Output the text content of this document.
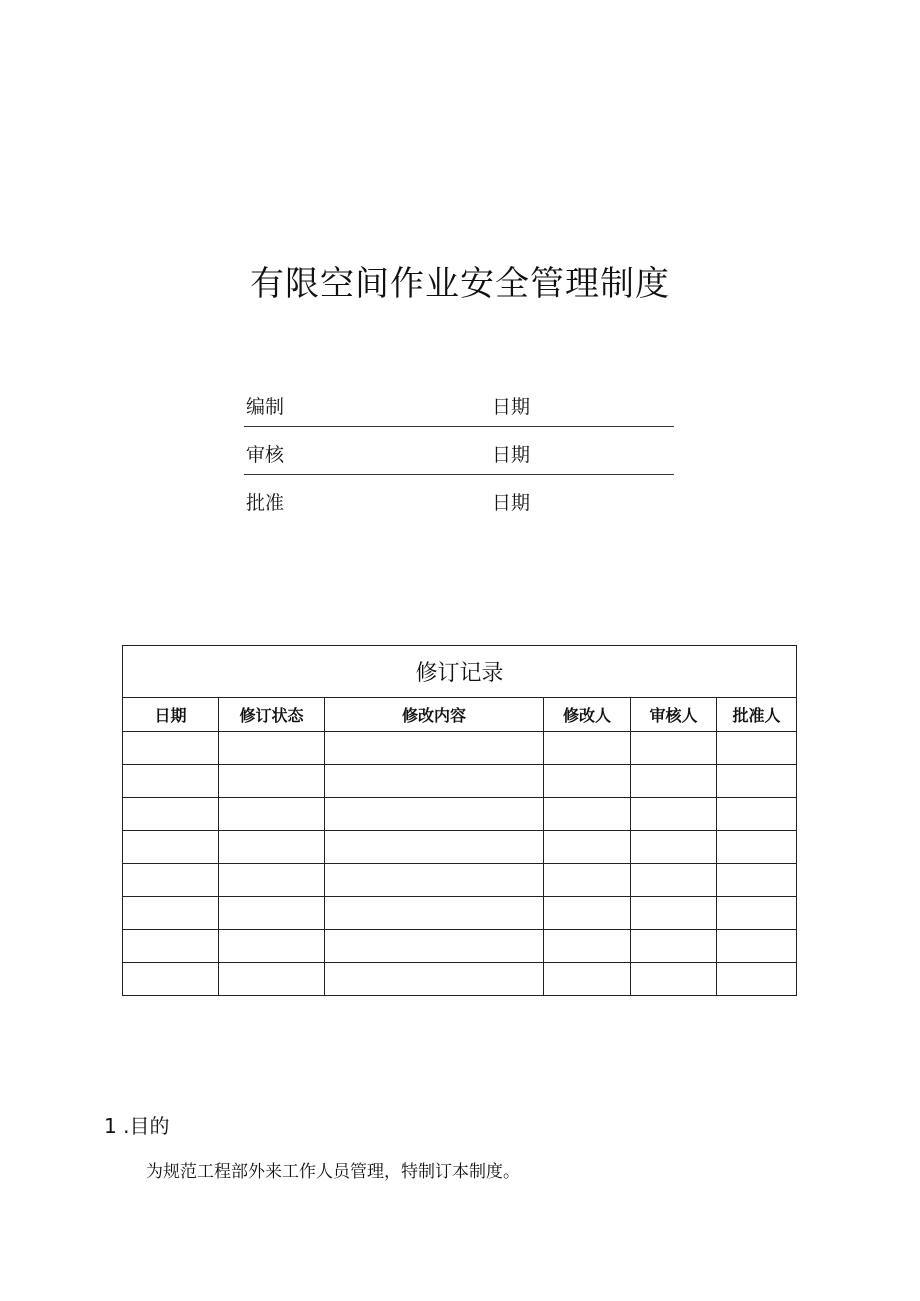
有限空间作业安全管理制度
编制	日期
审核	日期
批准	日期
修订记录					
日期	修订状态	修改内容	修改人	审核人	批准人

1 .目的
为规范工程部外来工作人员管理，特制订本制度。
